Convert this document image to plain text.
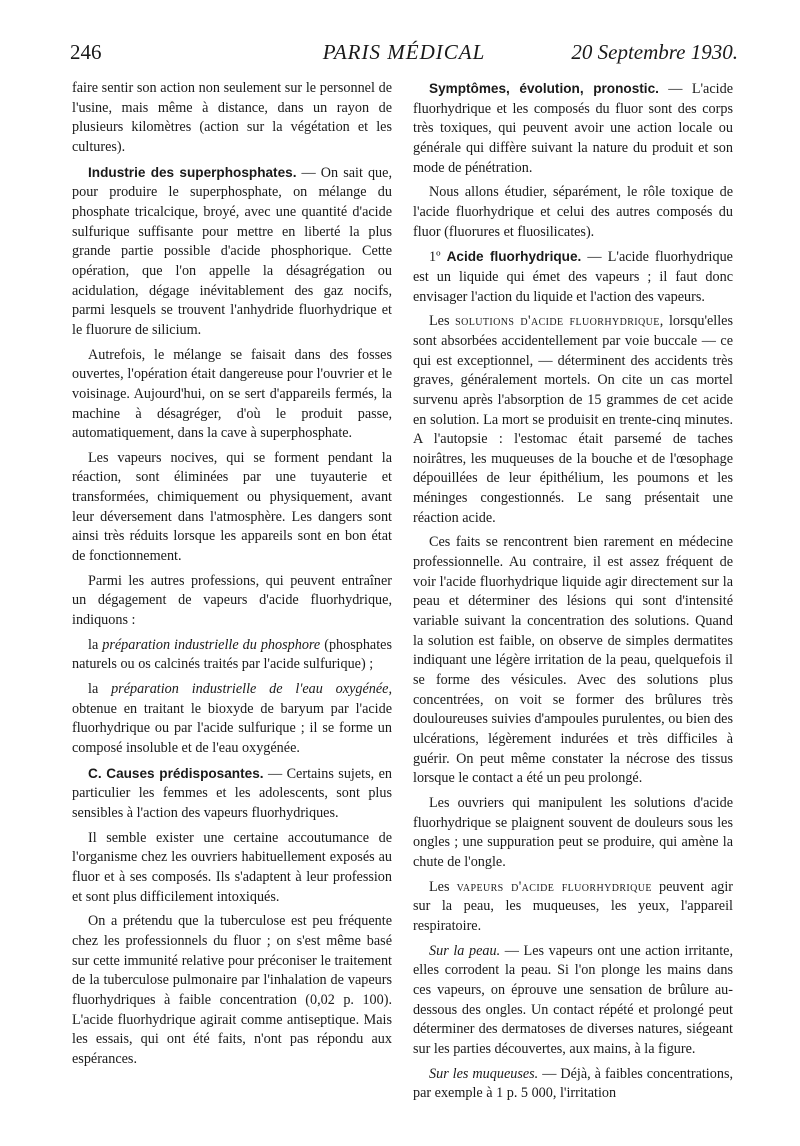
246	PARIS MÉDICAL	20 Septembre 1930.

faire sentir son action non seulement sur le personnel de l'usine, mais même à distance, dans un rayon de plusieurs kilomètres (action sur la végétation et les cultures).

Industrie des superphosphates. — On sait que, pour produire le superphosphate, on mélange du phosphate tricalcique, broyé, avec une quantité d'acide sulfurique suffisante pour mettre en liberté la plus grande partie possible d'acide phosphorique. Cette opération, que l'on appelle la désagrégation ou acidulation, dégage inévitablement des gaz nocifs, parmi lesquels se trouvent l'anhydride fluorhydrique et le fluorure de silicium.

Autrefois, le mélange se faisait dans des fosses ouvertes, l'opération était dangereuse pour l'ouvrier et le voisinage. Aujourd'hui, on se sert d'appareils fermés, la machine à désagréger, d'où le produit passe, automatiquement, dans la cave à superphosphate.

Les vapeurs nocives, qui se forment pendant la réaction, sont éliminées par une tuyauterie et transformées, chimiquement ou physiquement, avant leur déversement dans l'atmosphère. Les dangers sont ainsi très réduits lorsque les appareils sont en bon état de fonctionnement.

Parmi les autres professions, qui peuvent entraîner un dégagement de vapeurs d'acide fluorhydrique, indiquons :

la préparation industrielle du phosphore (phosphates naturels ou os calcinés traités par l'acide sulfurique) ;

la préparation industrielle de l'eau oxygénée, obtenue en traitant le bioxyde de baryum par l'acide fluorhydrique ou par l'acide sulfurique ; il se forme un composé insoluble et de l'eau oxygénée.

C. Causes prédisposantes. — Certains sujets, en particulier les femmes et les adolescents, sont plus sensibles à l'action des vapeurs fluorhydriques.

Il semble exister une certaine accoutumance de l'organisme chez les ouvriers habituellement exposés au fluor et à ses composés. Ils s'adaptent à leur profession et sont plus difficilement intoxiqués.

On a prétendu que la tuberculose est peu fréquente chez les professionnels du fluor ; on s'est même basé sur cette immunité relative pour préconiser le traitement de la tuberculose pulmonaire par l'inhalation de vapeurs fluorhydriques à faible concentration (0,02 p. 100). L'acide fluorhydrique agirait comme antiseptique. Mais les essais, qui ont été faits, n'ont pas répondu aux espérances.

Symptômes, évolution, pronostic. — L'acide fluorhydrique et les composés du fluor sont des corps très toxiques, qui peuvent avoir une action locale ou générale qui diffère suivant la nature du produit et son mode de pénétration.

Nous allons étudier, séparément, le rôle toxique de l'acide fluorhydrique et celui des autres composés du fluor (fluorures et fluosilicates).

1º Acide fluorhydrique. — L'acide fluorhydrique est un liquide qui émet des vapeurs ; il faut donc envisager l'action du liquide et l'action des vapeurs.

Les solutions d'acide fluorhydrique, lorsqu'elles sont absorbées accidentellement par voie buccale — ce qui est exceptionnel, — déterminent des accidents très graves, généralement mortels. On cite un cas mortel survenu après l'absorption de 15 grammes de cet acide en solution. La mort se produisit en trente-cinq minutes. A l'autopsie : l'estomac était parsemé de taches noirâtres, les muqueuses de la bouche et de l'œsophage dépouillées de leur épithélium, les poumons et les méninges congestionnés. Le sang présentait une réaction acide.

Ces faits se rencontrent bien rarement en médecine professionnelle. Au contraire, il est assez fréquent de voir l'acide fluorhydrique liquide agir directement sur la peau et déterminer des lésions qui sont d'intensité variable suivant la concentration des solutions. Quand la solution est faible, on observe de simples dermatites indiquant une légère irritation de la peau, quelquefois il se forme des vésicules. Avec des solutions plus concentrées, on voit se former des brûlures très douloureuses suivies d'ampoules purulentes, ou bien des ulcérations, légèrement indurées et très difficiles à guérir. On peut même constater la nécrose des tissus lorsque le contact a été un peu prolongé.

Les ouvriers qui manipulent les solutions d'acide fluorhydrique se plaignent souvent de douleurs sous les ongles ; une suppuration peut se produire, qui amène la chute de l'ongle.

Les vapeurs d'acide fluorhydrique peuvent agir sur la peau, les muqueuses, les yeux, l'appareil respiratoire.

Sur la peau. — Les vapeurs ont une action irritante, elles corrodent la peau. Si l'on plonge les mains dans ces vapeurs, on éprouve une sensation de brûlure au-dessous des ongles. Un contact répété et prolongé peut déterminer des dermatoses de diverses natures, siégeant sur les parties découvertes, aux mains, à la figure.

Sur les muqueuses. — Déjà, à faibles concentrations, par exemple à 1 p. 5 000, l'irritation
